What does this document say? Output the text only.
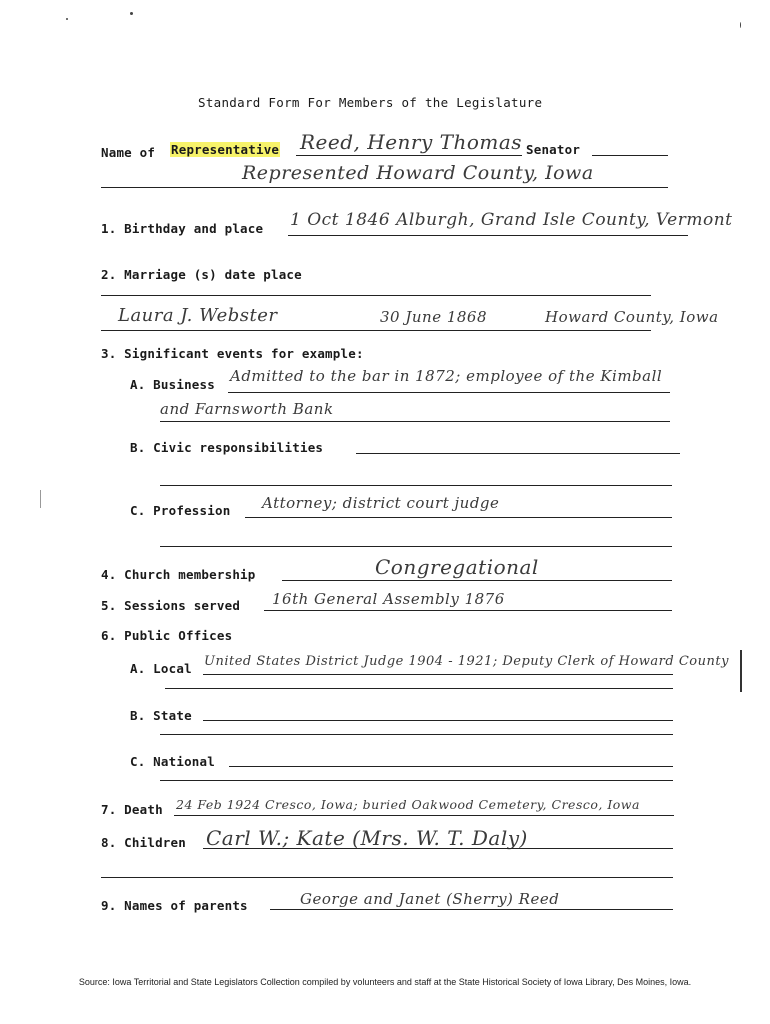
Standard Form For Members of the Legislature
Name of Representative Reed, Henry Thomas Senator
Represented Howard County, Iowa
1. Birthday and place 1 Oct 1846 Alburgh, Grand Isle County, Vermont
2. Marriage (s) date place
Laura J. Webster	30 June 1868	Howard County, Iowa
3. Significant events for example:
A. Business Admitted to the bar in 1872; employee of the Kimball
and Farnsworth Bank
B. Civic responsibilities
C. Profession Attorney; district court judge
4. Church membership	Congregational
5. Sessions served 16th General Assembly 1876
6. Public Offices
A. Local United States District Judge 1904 - 1921; Deputy Clerk of Howard County
B. State
C. National
7. Death 24 Feb 1924 Cresco, Iowa; buried Oakwood Cemetery, Cresco, Iowa
8. Children Carl W.; Kate (Mrs. W. T. Daly)
9. Names of parents	George and Janet (Sherry) Reed
Source: Iowa Territorial and State Legislators Collection compiled by volunteers and staff at the State Historical Society of Iowa Library, Des Moines, Iowa.
